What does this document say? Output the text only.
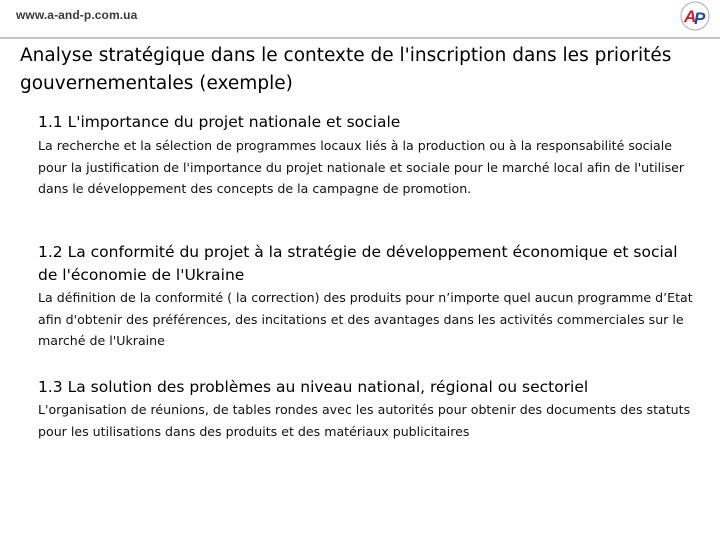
www.a-and-p.com.ua	A
P
Analyse stratégique dans le contexte de l'inscription dans les priorités gouvernementales (exemple)
1.1 L'importance du projet nationale et sociale

La recherche et la sélection de programmes locaux liés à la production ou à la responsabilité sociale pour la justification de l'importance du projet nationale et sociale pour le marché local afin de l'utiliser dans le développement des concepts de la campagne de promotion.

1.2 La conformité du projet à la stratégie de développement économique et social de l'économie de l'Ukraine

La définition de la conformité ( la correction) des produits pour n’importe quel aucun programme d’Etat afin d'obtenir des préférences, des incitations et des avantages dans les activités commerciales sur le marché de l'Ukraine

1.3 La solution des problèmes au niveau national, régional ou sectoriel

L'organisation de réunions, de tables rondes avec les autorités pour obtenir des documents des statuts pour les utilisations dans des produits et des matériaux publicitaires
